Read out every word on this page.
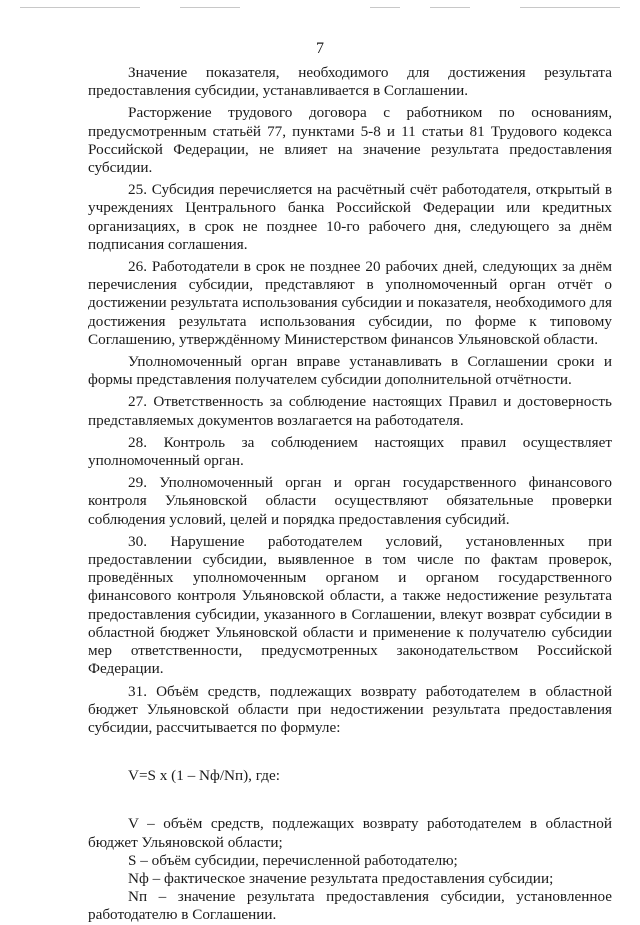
7

Значение показателя, необходимого для достижения результата предоставления субсидии, устанавливается в Соглашении.

Расторжение трудового договора с работником по основаниям, предусмотренным статьёй 77, пунктами 5-8 и 11 статьи 81 Трудового кодекса Российской Федерации, не влияет на значение результата предоставления субсидии.

25. Субсидия перечисляется на расчётный счёт работодателя, открытый в учреждениях Центрального банка Российской Федерации или кредитных организациях, в срок не позднее 10-го рабочего дня, следующего за днём подписания соглашения.

26. Работодатели в срок не позднее 20 рабочих дней, следующих за днём перечисления субсидии, представляют в уполномоченный орган отчёт о достижении результата использования субсидии и показателя, необходимого для достижения результата использования субсидии, по форме к типовому Соглашению, утверждённому Министерством финансов Ульяновской области.

Уполномоченный орган вправе устанавливать в Соглашении сроки и формы представления получателем субсидии дополнительной отчётности.

27. Ответственность за соблюдение настоящих Правил и достоверность представляемых документов возлагается на работодателя.

28. Контроль за соблюдением настоящих правил осуществляет уполномоченный орган.

29. Уполномоченный орган и орган государственного финансового контроля Ульяновской области осуществляют обязательные проверки соблюдения условий, целей и порядка предоставления субсидий.

30. Нарушение работодателем условий, установленных при предоставлении субсидии, выявленное в том числе по фактам проверок, проведённых уполномоченным органом и органом государственного финансового контроля Ульяновской области, а также недостижение результата предоставления субсидии, указанного в Соглашении, влекут возврат субсидии в областной бюджет Ульяновской области и применение к получателю субсидии мер ответственности, предусмотренных законодательством Российской Федерации.

31. Объём средств, подлежащих возврату работодателем в областной бюджет Ульяновской области при недостижении результата предоставления субсидии, рассчитывается по формуле:

V=S x (1 – Nф/Nп), где:

V – объём средств, подлежащих возврату работодателем в областной бюджет Ульяновской области;

S – объём субсидии, перечисленной работодателю;

Nф – фактическое значение результата предоставления субсидии;

Nп – значение результата предоставления субсидии, установленное работодателю в Соглашении.
